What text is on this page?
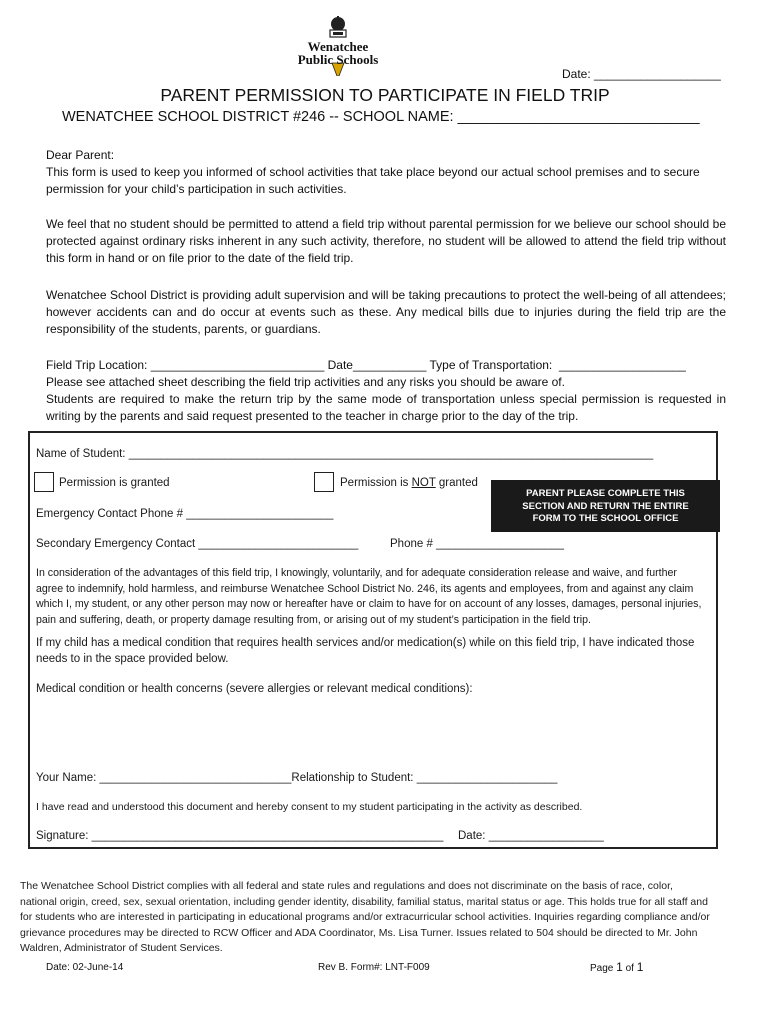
Wenatchee
Public Schools
Date: ___________________
PARENT PERMISSION TO PARTICIPATE IN FIELD TRIP
WENATCHEE SCHOOL DISTRICT #246 -- SCHOOL NAME: ______________________________
Dear Parent:
This form is used to keep you informed of school activities that take place beyond our actual school premises and to secure permission for your child’s participation in such activities.
We feel that no student should be permitted to attend a field trip without parental permission for we believe our school should be protected against ordinary risks inherent in any such activity, therefore, no student will be allowed to attend the field trip without this form in hand or on file prior to the date of the field trip.
Wenatchee School District is providing adult supervision and will be taking precautions to protect the well-being of all attendees; however accidents can and do occur at events such as these. Any medical bills due to injuries during the field trip are the responsibility of the students, parents, or guardians.
Field Trip Location: __________________________ Date___________ Type of Transportation: ___________________
Please see attached sheet describing the field trip activities and any risks you should be aware of.
Students are required to make the return trip by the same mode of transportation unless special permission is requested in writing by the parents and said request presented to the teacher in charge prior to the day of the trip.
Name of Student: __________________________________________________________________________________
Permission is granted	Permission is NOT granted
PARENT PLEASE COMPLETE THIS
SECTION AND RETURN THE ENTIRE
FORM TO THE SCHOOL OFFICE
Emergency Contact Phone # _______________________
Secondary Emergency Contact _________________________	Phone # ____________________
In consideration of the advantages of this field trip, I knowingly, voluntarily, and for adequate consideration release and waive, and further agree to indemnify, hold harmless, and reimburse Wenatchee School District No. 246, its agents and employees, from and against any claim which I, my student, or any other person may now or hereafter have or claim to have for on account of any losses, damages, personal injuries, pain and suffering, death, or property damage resulting from, or arising out of my student’s participation in the field trip.
If my child has a medical condition that requires health services and/or medication(s) while on this field trip, I have indicated those needs to in the space provided below.
Medical condition or health concerns (severe allergies or relevant medical conditions):
Your Name: ______________________________Relationship to Student: ______________________
I have read and understood this document and hereby consent to my student participating in the activity as described.
Signature: _______________________________________________________ Date: __________________
The Wenatchee School District complies with all federal and state rules and regulations and does not discriminate on the basis of race, color, national origin, creed, sex, sexual orientation, including gender identity, disability, familial status, marital status or age. This holds true for all staff and for students who are interested in participating in educational programs and/or extracurricular school activities. Inquiries regarding compliance and/or grievance procedures may be directed to RCW Officer and ADA Coordinator, Ms. Lisa Turner. Issues related to 504 should be directed to Mr. John Waldren, Administrator of Student Services.
Date: 02-June-14	Rev B. Form#: LNT-F009	Page 1 of 1
